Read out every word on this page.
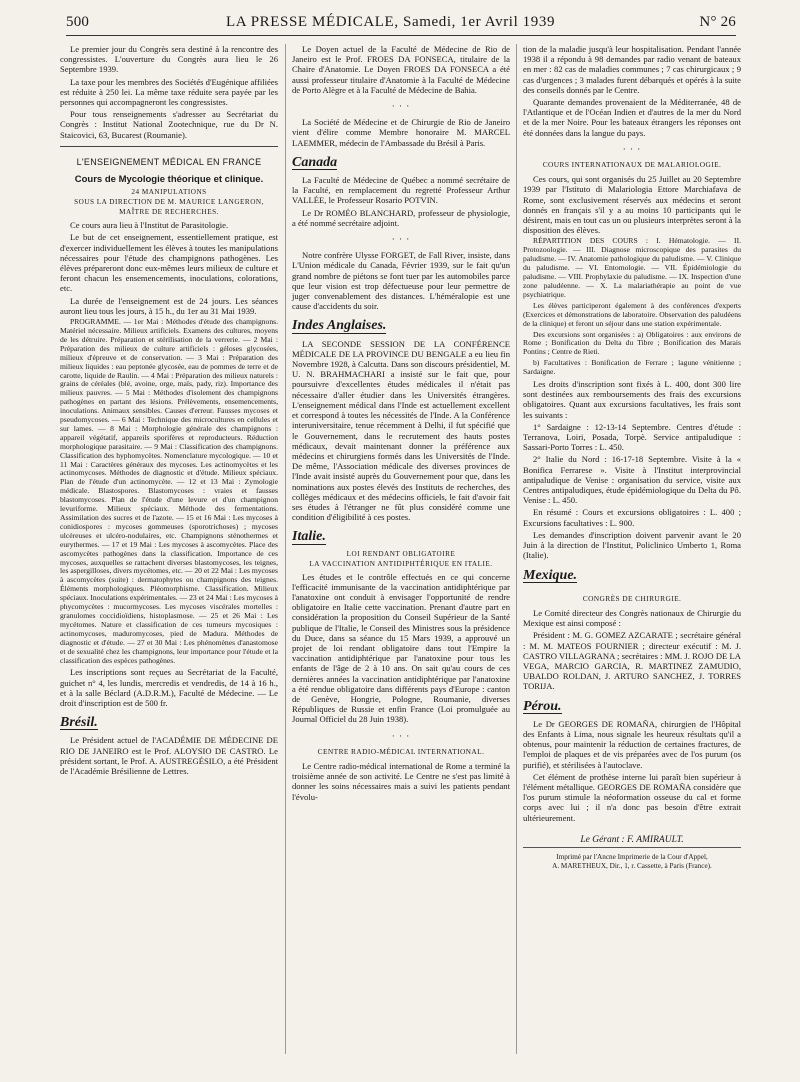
500	LA PRESSE MÉDICALE, Samedi, 1er Avril 1939	N° 26

Le premier jour du Congrès sera destiné à la rencontre des congressistes. L'ouverture du Congrès aura lieu le 26 Septembre 1939.

La taxe pour les membres des Sociétés d'Eugénique affiliées est réduite à 250 lei. La même taxe réduite sera payée par les personnes qui accompagneront les congressistes.

Pour tous renseignements s'adresser au Secrétariat du Congrès : Institut National Zootechnique, rue du Dr N. Staicovici, 63, Bucarest (Roumanie).

L'ENSEIGNEMENT MÉDICAL EN FRANCE
Cours de Mycologie théorique et clinique.
24 MANIPULATIONS
SOUS LA DIRECTION DE M. MAURICE LANGERON,
MAÎTRE DE RECHERCHES.

Ce cours aura lieu à l'Institut de Parasitologie.

Le but de cet enseignement, essentiellement pratique, est d'exercer individuellement les élèves à toutes les manipulations nécessaires pour l'étude des champignons pathogènes. Les élèves prépareront donc eux-mêmes leurs milieux de culture et feront chacun les ensemencements, inoculations, colorations, etc.

La durée de l'enseignement est de 24 jours. Les séances auront lieu tous les jours, à 15 h., du 1er au 31 Mai 1939.

PROGRAMME. — 1er Mai : Méthodes d'étude des champignons. Matériel nécessaire. Milieux artificiels. Examens des cultures, moyens de les détruire. Préparation et stérilisation de la verrerie. — 2 Mai : Préparation des milieux de culture artificiels : géloses glycosées, milieux d'épreuve et de conservation. — 3 Mai : Préparation des milieux liquides : eau peptonée glycosée, eau de pommes de terre et de carotte, liquide de Raulin. — 4 Mai : Préparation des milieux naturels : grains de céréales (blé, avoine, orge, maïs, pady, riz). Importance des milieux pauvres. — 5 Mai : Méthodes d'isolement des champignons pathogènes en partant des lésions. Prélèvements, ensemencements, inoculations. Animaux sensibles. Causes d'erreur. Fausses mycoses et pseudomycoses. — 6 Mai : Technique des microcultures en cellules et sur lames. — 8 Mai : Morphologie générale des champignons : appareil végétatif, appareils sporifères et reproducteurs. Réduction morphologique parasitaire. — 9 Mai : Classification des champignons. Classification des hyphomycètes. Nomenclature mycologique. — 10 et 11 Mai : Caractères généraux des mycoses. Les actinomycètes et les actinomycoses. Méthodes de diagnostic et d'étude. Milieux spéciaux. Plan de l'étude d'un actinomycète. — 12 et 13 Mai : Zymologie médicale. Blastospores. Blastomycoses : vraies et fausses blastomycoses. Plan de l'étude d'une levure et d'un champignon levuriforme. Milieux spéciaux. Méthode des fermentations. Assimilation des sucres et de l'azote. — 15 et 16 Mai : Les mycoses à conidiospores : mycoses gommeuses (sporotrichoses) ; mycoses ulcéreuses et ulcéro-nodulaires, etc. Champignons sténothermes et eurythermes. — 17 et 19 Mai : Les mycoses à ascomycètes. Place des ascomycètes pathogènes dans la classification. Importance de ces mycoses, auxquelles se rattachent diverses blastomycoses, les teignes, les aspergilloses, divers mycétomes, etc. — 20 et 22 Mai : Les mycoses à ascomycètes (suite) : dermatophytes ou champignons des teignes. Éléments morphologiques. Pléomorphisme. Classification. Milieux spéciaux. Inoculations expérimentales. — 23 et 24 Mai : Les mycoses à phycomycètes : mucormycoses. Les mycoses viscérales mortelles : granulomes coccidioïdiens, histoplasmose. — 25 et 26 Mai : Les mycétomes. Nature et classification de ces tumeurs mycosiques : actinomycoses, maduromycoses, pied de Madura. Méthodes de diagnostic et d'étude. — 27 et 30 Mai : Les phénomènes d'anastomose et de sexualité chez les champignons, leur importance pour l'étude et la classification des espèces pathogènes.

Les inscriptions sont reçues au Secrétariat de la Faculté, guichet n° 4, les lundis, mercredis et vendredis, de 14 à 16 h., et à la salle Béclard (A.D.R.M.), Faculté de Médecine. — Le droit d'inscription est de 500 fr.

Brésil.

Le Président actuel de l'ACADÉMIE DE MÉDECINE DE RIO DE JANEIRO est le Prof. ALOYSIO DE CASTRO. Le président sortant, le Prof. A. AUSTREGÉSILO, a été Président de l'Académie Brésilienne de Lettres.

Le Doyen actuel de la Faculté de Médecine de Rio de Janeiro est le Prof. FROES DA FONSECA, titulaire de la Chaire d'Anatomie. Le Doyen FROES DA FONSECA a été aussi professeur titulaire d'Anatomie à la Faculté de Médecine de Porto Alègre et à la Faculté de Médecine de Bahia.

· · ·

La Société de Médecine et de Chirurgie de Rio de Janeiro vient d'élire comme Membre honoraire M. MARCEL LAEMMER, médecin de l'Ambassade du Brésil à Paris.

Canada

La Faculté de Médecine de Québec a nommé secrétaire de la Faculté, en remplacement du regretté Professeur Arthur VALLÉE, le Professeur Rosario POTVIN.

Le Dr ROMÉO BLANCHARD, professeur de physiologie, a été nommé secrétaire adjoint.

· · ·

Notre confrère Ulysse FORGET, de Fall River, insiste, dans L'Union médicale du Canada, Février 1939, sur le fait qu'un grand nombre de piétons se font tuer par les automobiles parce que leur vision est trop défectueuse pour leur permettre de juger convenablement des distances. L'héméralopie est une cause d'accidents du soir.

Indes Anglaises.

LA SECONDE SESSION DE LA CONFÉRENCE MÉDICALE DE LA PROVINCE DU BENGALE a eu lieu fin Novembre 1928, à Calcutta. Dans son discours présidentiel, M. U. N. BRAHMACHARI a insisté sur le fait que, pour poursuivre d'excellentes études médicales il n'était pas nécessaire d'aller étudier dans les Universités étrangères. L'enseignement médical dans l'Inde est actuellement excellent et correspond à toutes les nécessités de l'Inde. A la Conférence interuniversitaire, tenue récemment à Delhi, il fut spécifié que le Gouvernement, dans le recrutement des hauts postes médicaux, devait maintenant donner la préférence aux médecins et chirurgiens formés dans les Universités de l'Inde. De même, l'Association médicale des diverses provinces de l'Inde avait insisté auprès du Gouvernement pour que, dans les nominations aux postes élevés des Instituts de recherches, des collèges médicaux et des médecins officiels, le fait d'avoir fait ses études à l'étranger ne fût plus considéré comme une condition d'éligibilité à ces postes.

Italie.
LOI RENDANT OBLIGATOIRE
LA VACCINATION ANTIDIPHTÉRIQUE EN ITALIE.

Les études et le contrôle effectués en ce qui concerne l'efficacité immunisante de la vaccination antidiphtérique par l'anatoxine ont conduit à envisager l'opportunité de rendre obligatoire en Italie cette vaccination. Prenant d'autre part en considération la proposition du Conseil Supérieur de la Santé publique de l'Italie, le Conseil des Ministres sous la présidence du Duce, dans sa séance du 15 Mars 1939, a approuvé un projet de loi rendant obligatoire dans tout l'Empire la vaccination antidiphtérique par l'anatoxine pour tous les enfants de l'âge de 2 à 10 ans. On sait qu'au cours de ces dernières années la vaccination antidiphtérique par l'anatoxine a été rendue obligatoire dans différents pays d'Europe : canton de Genève, Hongrie, Pologne, Roumanie, diverses Républiques de Russie et enfin France (Loi promulguée au Journal Officiel du 28 Juin 1938).

· · ·
CENTRE RADIO-MÉDICAL INTERNATIONAL.

Le Centre radio-médical international de Rome a terminé la troisième année de son activité. Le Centre ne s'est pas limité à donner les soins nécessaires mais a suivi les patients pendant l'évolu-

tion de la maladie jusqu'à leur hospitalisation. Pendant l'année 1938 il a répondu à 98 demandes par radio venant de bateaux en mer : 82 cas de maladies communes ; 7 cas chirurgicaux ; 9 cas d'urgences ; 3 malades furent débarqués et opérés à la suite des conseils donnés par le Centre.

Quarante demandes provenaient de la Méditerranée, 48 de l'Atlantique et de l'Océan Indien et d'autres de la mer du Nord et de la mer Noire. Pour les bateaux étrangers les réponses ont été données dans la langue du pays.

· · ·
COURS INTERNATIONAUX DE MALARIOLOGIE.

Ces cours, qui sont organisés du 25 Juillet au 20 Septembre 1939 par l'Istituto di Malariologia Ettore Marchiafava de Rome, sont exclusivement réservés aux médecins et seront donnés en français s'il y a au moins 10 participants qui le désirent, mais en tout cas un ou plusieurs interprètes seront à la disposition des élèves.

RÉPARTITION DES COURS : I. Hématologie. — II. Protozoologie. — III. Diagnose microscopique des parasites du paludisme. — IV. Anatomie pathologique du paludisme. — V. Clinique du paludisme. — VI. Entomologie. — VII. Épidémiologie du paludisme. — VIII. Prophylaxie du paludisme. — IX. Inspection d'une zone paludéenne. — X. La malariathérapie au point de vue psychiatrique.

Les élèves participeront également à des conférences d'experts (Exercices et démonstrations de laboratoire. Observation des paludéens de la clinique) et feront un séjour dans une station expérimentale.

Des excursions sont organisées : a) Obligatoires : aux environs de Rome ; Bonification du Delta du Tibre ; Bonification des Marais Pontins ; Centre de Rieti.

b) Facultatives : Bonification de Ferrare ; lagune vénitienne ; Sardaigne.

Les droits d'inscription sont fixés à L. 400, dont 300 lire sont destinées aux remboursements des frais des excursions obligatoires. Quant aux excursions facultatives, les frais sont les suivants :

1° Sardaigne : 12-13-14 Septembre. Centres d'étude : Terranova, Loiri, Posada, Torpè. Service antipaludique : Sassari-Porto Torres : L. 450.

2° Italie du Nord : 16-17-18 Septembre. Visite à la « Bonifica Ferrarese ». Visite à l'Institut interprovincial antipaludique de Venise : organisation du service, visite aux Centres antipaludiques, étude épidémiologique du Delta du Pô. Venise : L. 450.

En résumé : Cours et excursions obligatoires : L. 400 ; Excursions facultatives : L. 900.

Les demandes d'inscription doivent parvenir avant le 20 Juin à la direction de l'Institut, Policlinico Umberto 1, Roma (Italie).

Mexique.
CONGRÈS DE CHIRURGIE.

Le Comité directeur des Congrès nationaux de Chirurgie du Mexique est ainsi composé :

Président : M. G. GOMEZ AZCARATE ; secrétaire général : M. M. MATEOS FOURNIER ; directeur exécutif : M. J. CASTRO VILLAGRANA ; secrétaires : MM. J. ROJO DE LA VEGA, MARCIO GARCIA, R. MARTINEZ ZAMUDIO, UBALDO ROLDAN, J. ARTURO SANCHEZ, J. TORRES TORIJA.

Pérou.

Le Dr GEORGES DE ROMAÑA, chirurgien de l'Hôpital des Enfants à Lima, nous signale les heureux résultats qu'il a obtenus, pour maintenir la réduction de certaines fractures, de l'emploi de plaques et de vis préparées avec de l'os purum (os purifié), et stérilisées à l'autoclave.

Cet élément de prothèse interne lui paraît bien supérieur à l'élément métallique. GEORGES DE ROMAÑA considère que l'os purum stimule la néoformation osseuse du cal et forme corps avec lui ; il n'a donc pas besoin d'être extrait ultérieurement.

Le Gérant : F. AMIRAULT.
Imprimé par l'Ancne Imprimerie de la Cour d'Appel,
A. MARETHEUX, Dir., 1, r. Cassette, à Paris (France).
